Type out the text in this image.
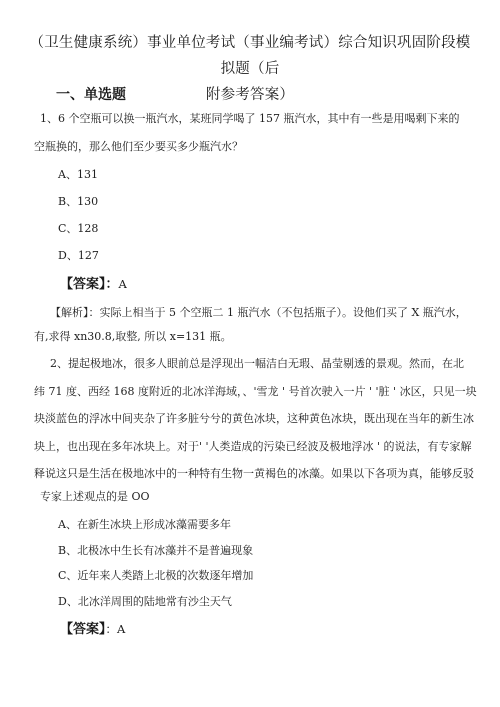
（卫生健康系统）事业单位考试（事业编考试）综合知识巩固阶段模拟题（后
附参考答案）
一、单选题
1、6 个空瓶可以换一瓶汽水，某班同学喝了 157 瓶汽水，其中有一些是用喝剩下来的
空瓶换的，那么他们至少要买多少瓶汽水？
A、131
B、130
C、128
D、127
【答案】：A
【解析】：实际上相当于 5 个空瓶二 1 瓶汽水（不包括瓶子）。设他们买了 X 瓶汽水，
有,求得 xn30.8,取整, 所以 x=131 瓶。
2、提起极地冰，很多人眼前总是浮现出一幅洁白无瑕、晶莹剔透的景观。然而，在北
纬 71 度、西经 168 度附近的北冰洋海域，、'雪龙 ' 号首次驶入一片 ' '脏 ' 冰区，只见一块
块淡蓝色的浮冰中间夹杂了许多脏兮兮的黄色冰块，这种黄色冰块，既出现在当年的新生冰
块上，也出现在多年冰块上。对于' '人类造成的污染已经波及极地浮冰 ' 的说法，有专家解
释说这只是生活在极地冰中的一种特有生物一黄褐色的冰藻。如果以下各项为真，能够反驳
专家上述观点的是 OO
A、在新生冰块上形成冰藻需要多年
B、北极冰中生长有冰藻并不是普遍现象
C、近年来人类踏上北极的次数逐年增加
D、北冰洋周围的陆地常有沙尘天气
【答案】：A
